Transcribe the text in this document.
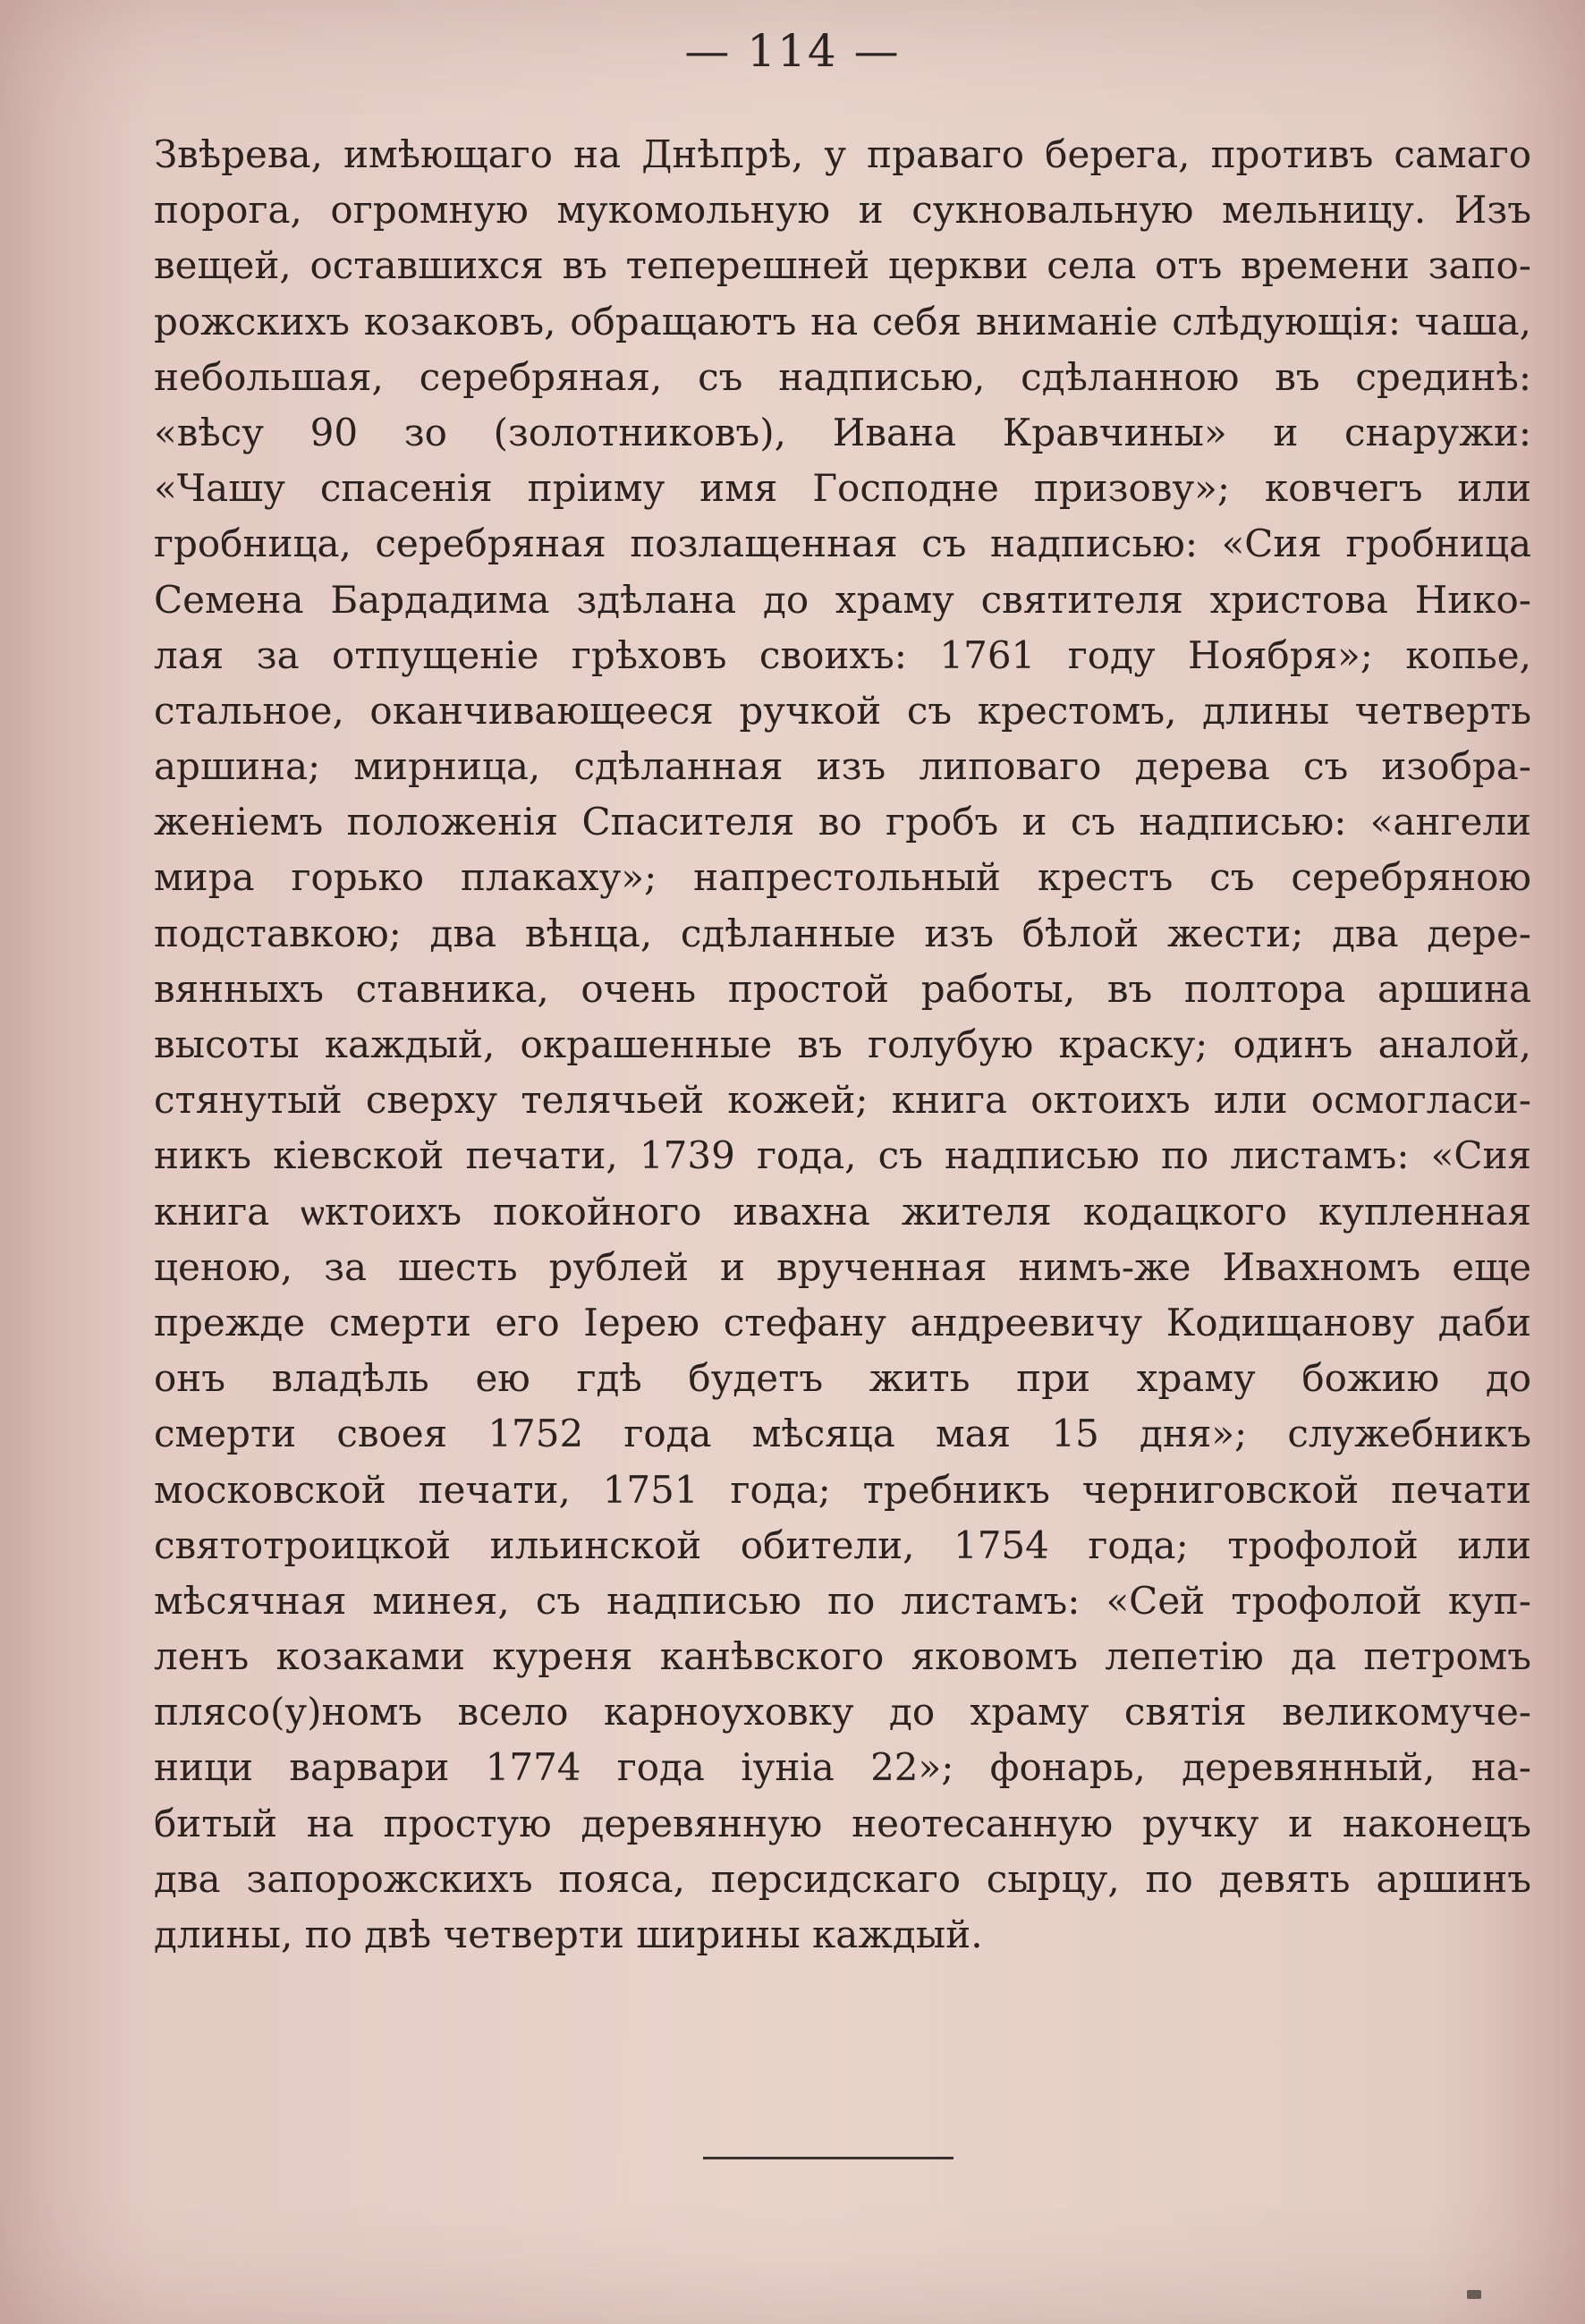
— 114 —
Звѣрева, имѣющаго на Днѣпрѣ, у праваго берега, противъ самаго
порога, огромную мукомольную и сукновальную мельницу. Изъ
вещей, оставшихся въ теперешней церкви села отъ времени запо-
рожскихъ козаковъ, обращаютъ на себя вниманіе слѣдующія: чаша,
небольшая, серебряная, съ надписью, сдѣланною въ срединѣ:
«вѣсу 90 зо (золотниковъ), Ивана Кравчины» и снаружи:
«Чашу спасенія пріиму имя Господне призову»; ковчегъ или
гробница, серебряная позлащенная съ надписью: «Сия гробница
Семена Бардадима здѣлана до храму святителя христова Нико-
лая за отпущеніе грѣховъ своихъ: 1761 году Ноября»; копье,
стальное, оканчивающееся ручкой съ крестомъ, длины четверть
аршина; мирница, сдѣланная изъ липоваго дерева съ изобра-
женіемъ положенія Спасителя во гробъ и съ надписью: «ангели
мира горько плакаху»; напрестольный крестъ съ серебряною
подставкою; два вѣнца, сдѣланные изъ бѣлой жести; два дере-
вянныхъ ставника, очень простой работы, въ полтора аршина
высоты каждый, окрашенные въ голубую краску; одинъ аналой,
стянутый сверху телячьей кожей; книга октоихъ или осмогласи-
никъ кіевской печати, 1739 года, съ надписью по листамъ: «Сия
книга ѡктоихъ покойного ивахна жителя кодацкого купленная
ценою, за шесть рублей и врученная нимъ-же Ивахномъ еще
прежде смерти его Іерею стефану андреевичу Кодищанову даби
онъ владѣль ею гдѣ будетъ жить при храму божию до
смерти своея 1752 года мѣсяца мая 15 дня»; служебникъ
московской печати, 1751 года; требникъ черниговской печати
святотроицкой ильинской обители, 1754 года; трофолой или
мѣсячная минея, съ надписью по листамъ: «Сей трофолой куп-
ленъ козаками куреня канѣвского яковомъ лепетію да петромъ
плясо(у)номъ всело карноуховку до храму святія великомуче-
ници варвари 1774 года іуніа 22»; фонарь, деревянный, на-
битый на простую деревянную неотесанную ручку и наконецъ
два запорожскихъ пояса, персидскаго сырцу, по девять аршинъ
длины, по двѣ четверти ширины каждый.
